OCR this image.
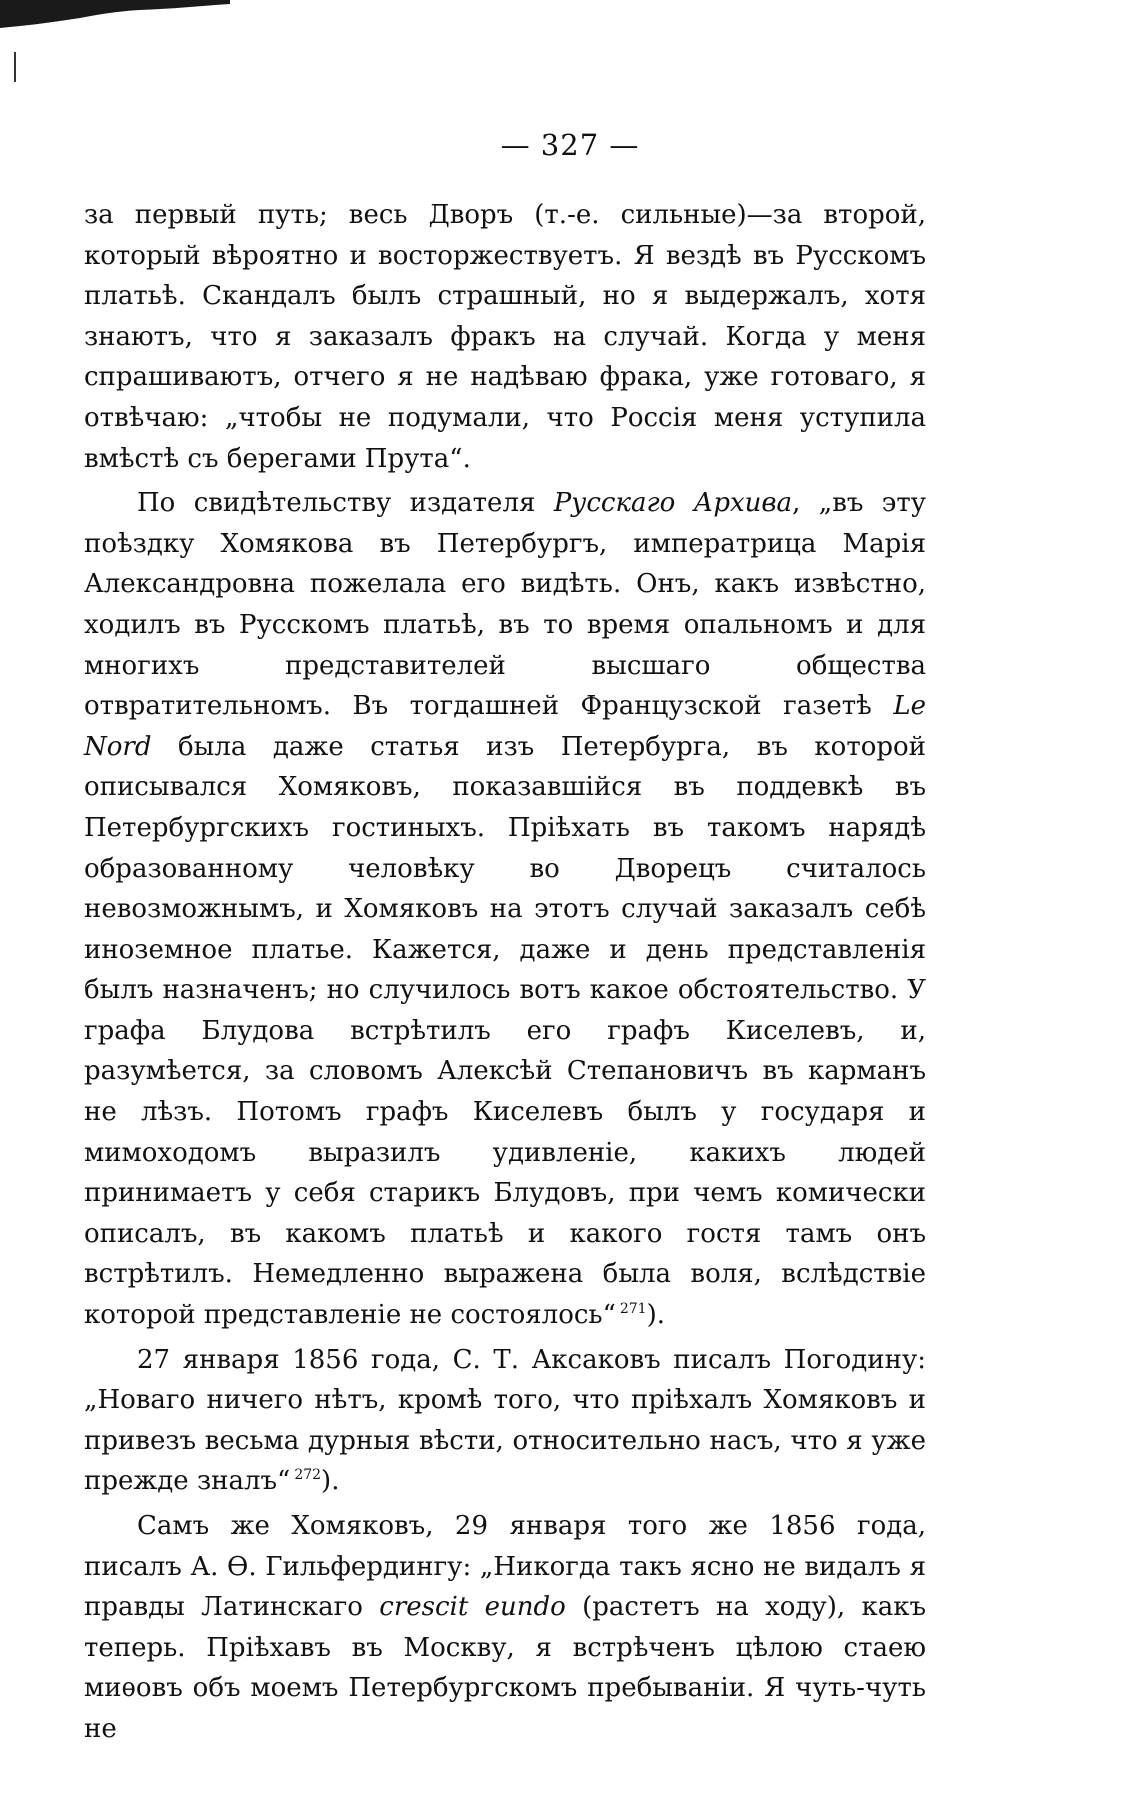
— 327 —

за первый путь; весь Дворъ (т.-е. сильные)—за второй, который вѣроятно и восторжествуетъ. Я вездѣ въ Русскомъ платьѣ. Скандалъ былъ страшный, но я выдержалъ, хотя знаютъ, что я заказалъ фракъ на случай. Когда у меня спрашиваютъ, отчего я не надѣваю фрака, уже готоваго, я отвѣчаю: „чтобы не подумали, что Россія меня уступила вмѣстѣ съ берегами Прута“.

По свидѣтельству издателя Русскаго Архива, „въ эту поѣздку Хомякова въ Петербургъ, императрица Марія Александровна пожелала его видѣть. Онъ, какъ извѣстно, ходилъ въ Русскомъ платьѣ, въ то время опальномъ и для многихъ представителей высшаго общества отвратительномъ. Въ тогдашней Французской газетѣ Le Nord была даже статья изъ Петербурга, въ которой описывался Хомяковъ, показавшійся въ поддевкѣ въ Петербургскихъ гостиныхъ. Пріѣхать въ такомъ нарядѣ образованному человѣку во Дворецъ считалось невозможнымъ, и Хомяковъ на этотъ случай заказалъ себѣ иноземное платье. Кажется, даже и день представленія былъ назначенъ; но случилось вотъ какое обстоятельство. У графа Блудова встрѣтилъ его графъ Киселевъ, и, разумѣется, за словомъ Алексѣй Степановичъ въ карманъ не лѣзъ. Потомъ графъ Киселевъ былъ у государя и мимоходомъ выразилъ удивленіе, какихъ людей принимаетъ у себя старикъ Блудовъ, при чемъ комически описалъ, въ какомъ платьѣ и какого гостя тамъ онъ встрѣтилъ. Немедленно выражена была воля, вслѣдствіе которой представленіе не состоялось“ $^{271}$).

27 января 1856 года, С. Т. Аксаковъ писалъ Погодину: „Новаго ничего нѣтъ, кромѣ того, что пріѣхалъ Хомяковъ и привезъ весьма дурныя вѣсти, относительно насъ, что я уже прежде зналъ“ $^{272}$).

Самъ же Хомяковъ, 29 января того же 1856 года, писалъ А. Ѳ. Гильфердингу: „Никогда такъ ясно не видалъ я правды Латинскаго crescit eundo (растетъ на ходу), какъ теперь. Пріѣхавъ въ Москву, я встрѣченъ цѣлою стаею миѳовъ объ моемъ Петербургскомъ пребываніи. Я чуть-чуть не
